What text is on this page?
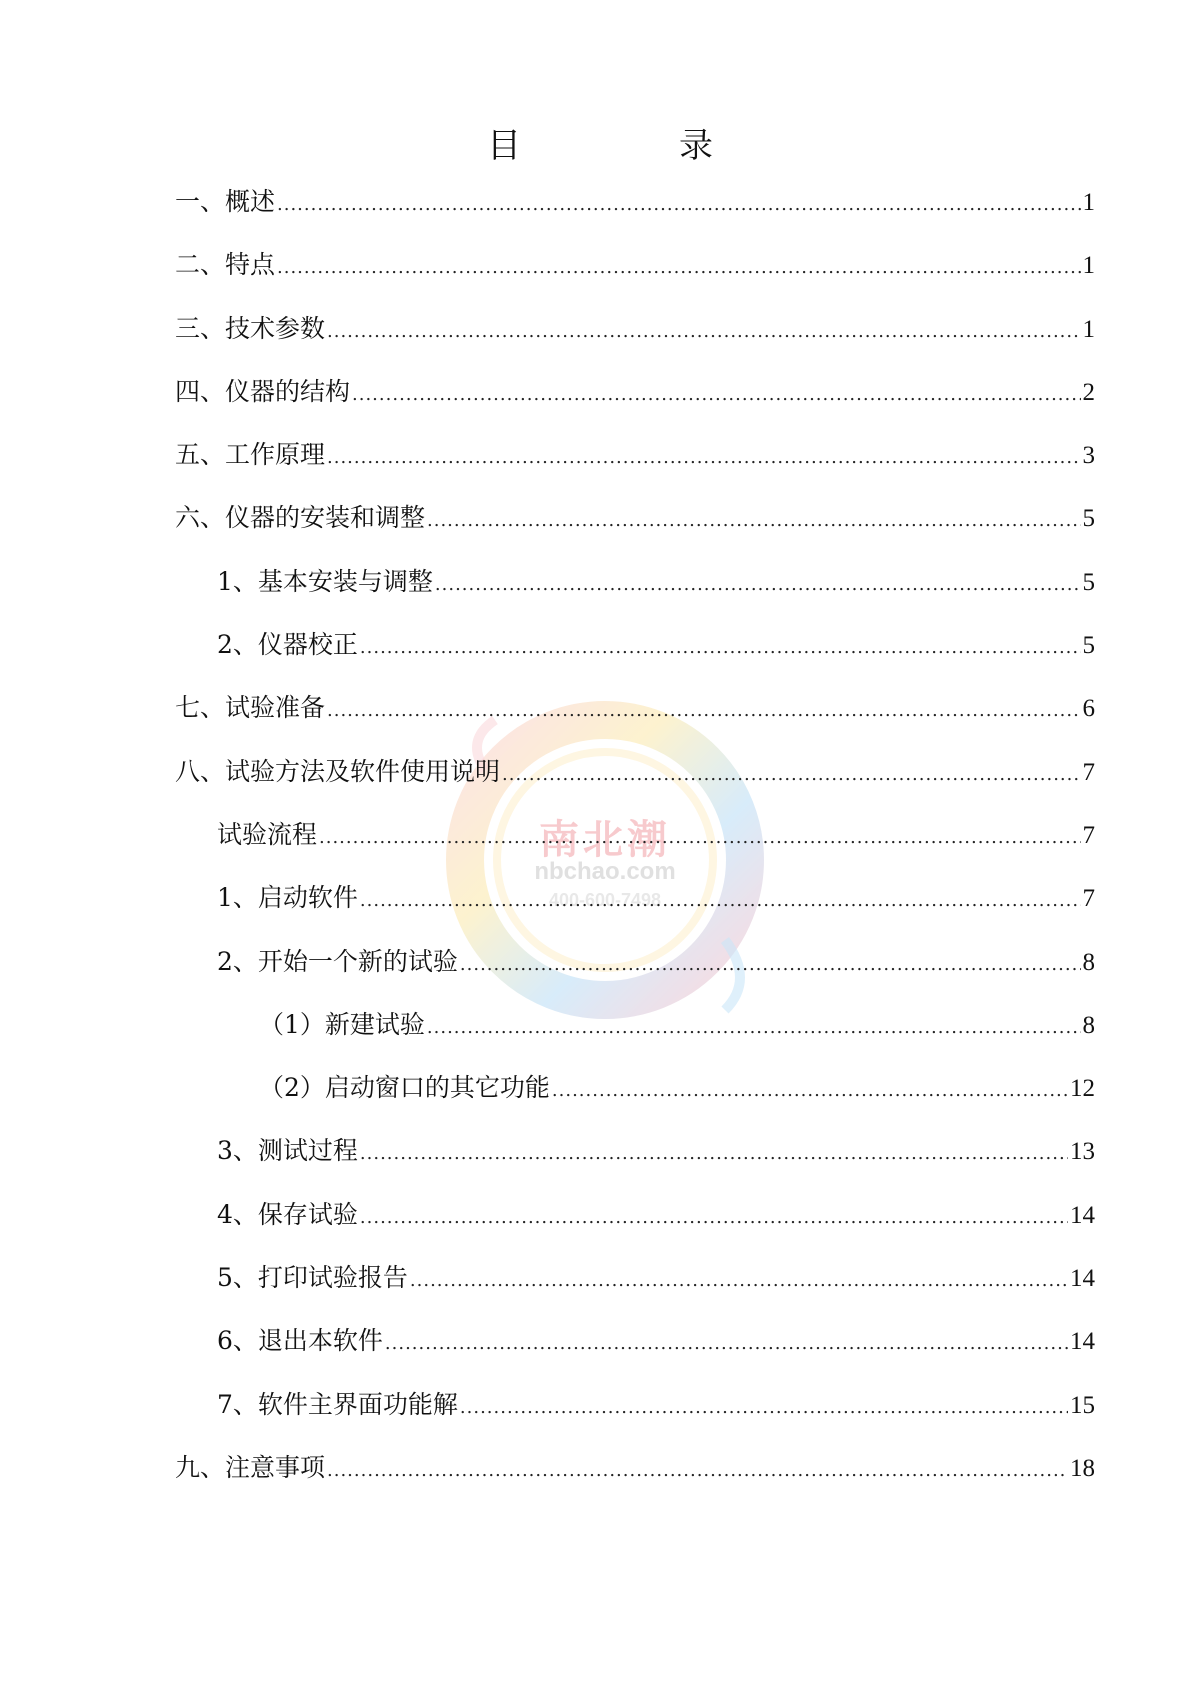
南北潮
nbchao.com
400-600-7498
目　录
一、概述 .....	1
二、特点 .....	1
三、技术参数 .....	1
四、仪器的结构 .....	2
五、工作原理 .....	3
六、仪器的安装和调整 .....	5
1、基本安装与调整 .....	5
2、仪器校正 .....	5
七、试验准备 .....	6
八、试验方法及软件使用说明 .....	7
试验流程 .....	7
1、启动软件 .....	7
2、开始一个新的试验 .....	8
（1）新建试验 .....	8
（2）启动窗口的其它功能 .....	12
3、测试过程 .....	13
4、保存试验 .....	14
5、打印试验报告 .....	14
6、退出本软件 .....	14
7、软件主界面功能解 .....	15
九、注意事项 .....	18
